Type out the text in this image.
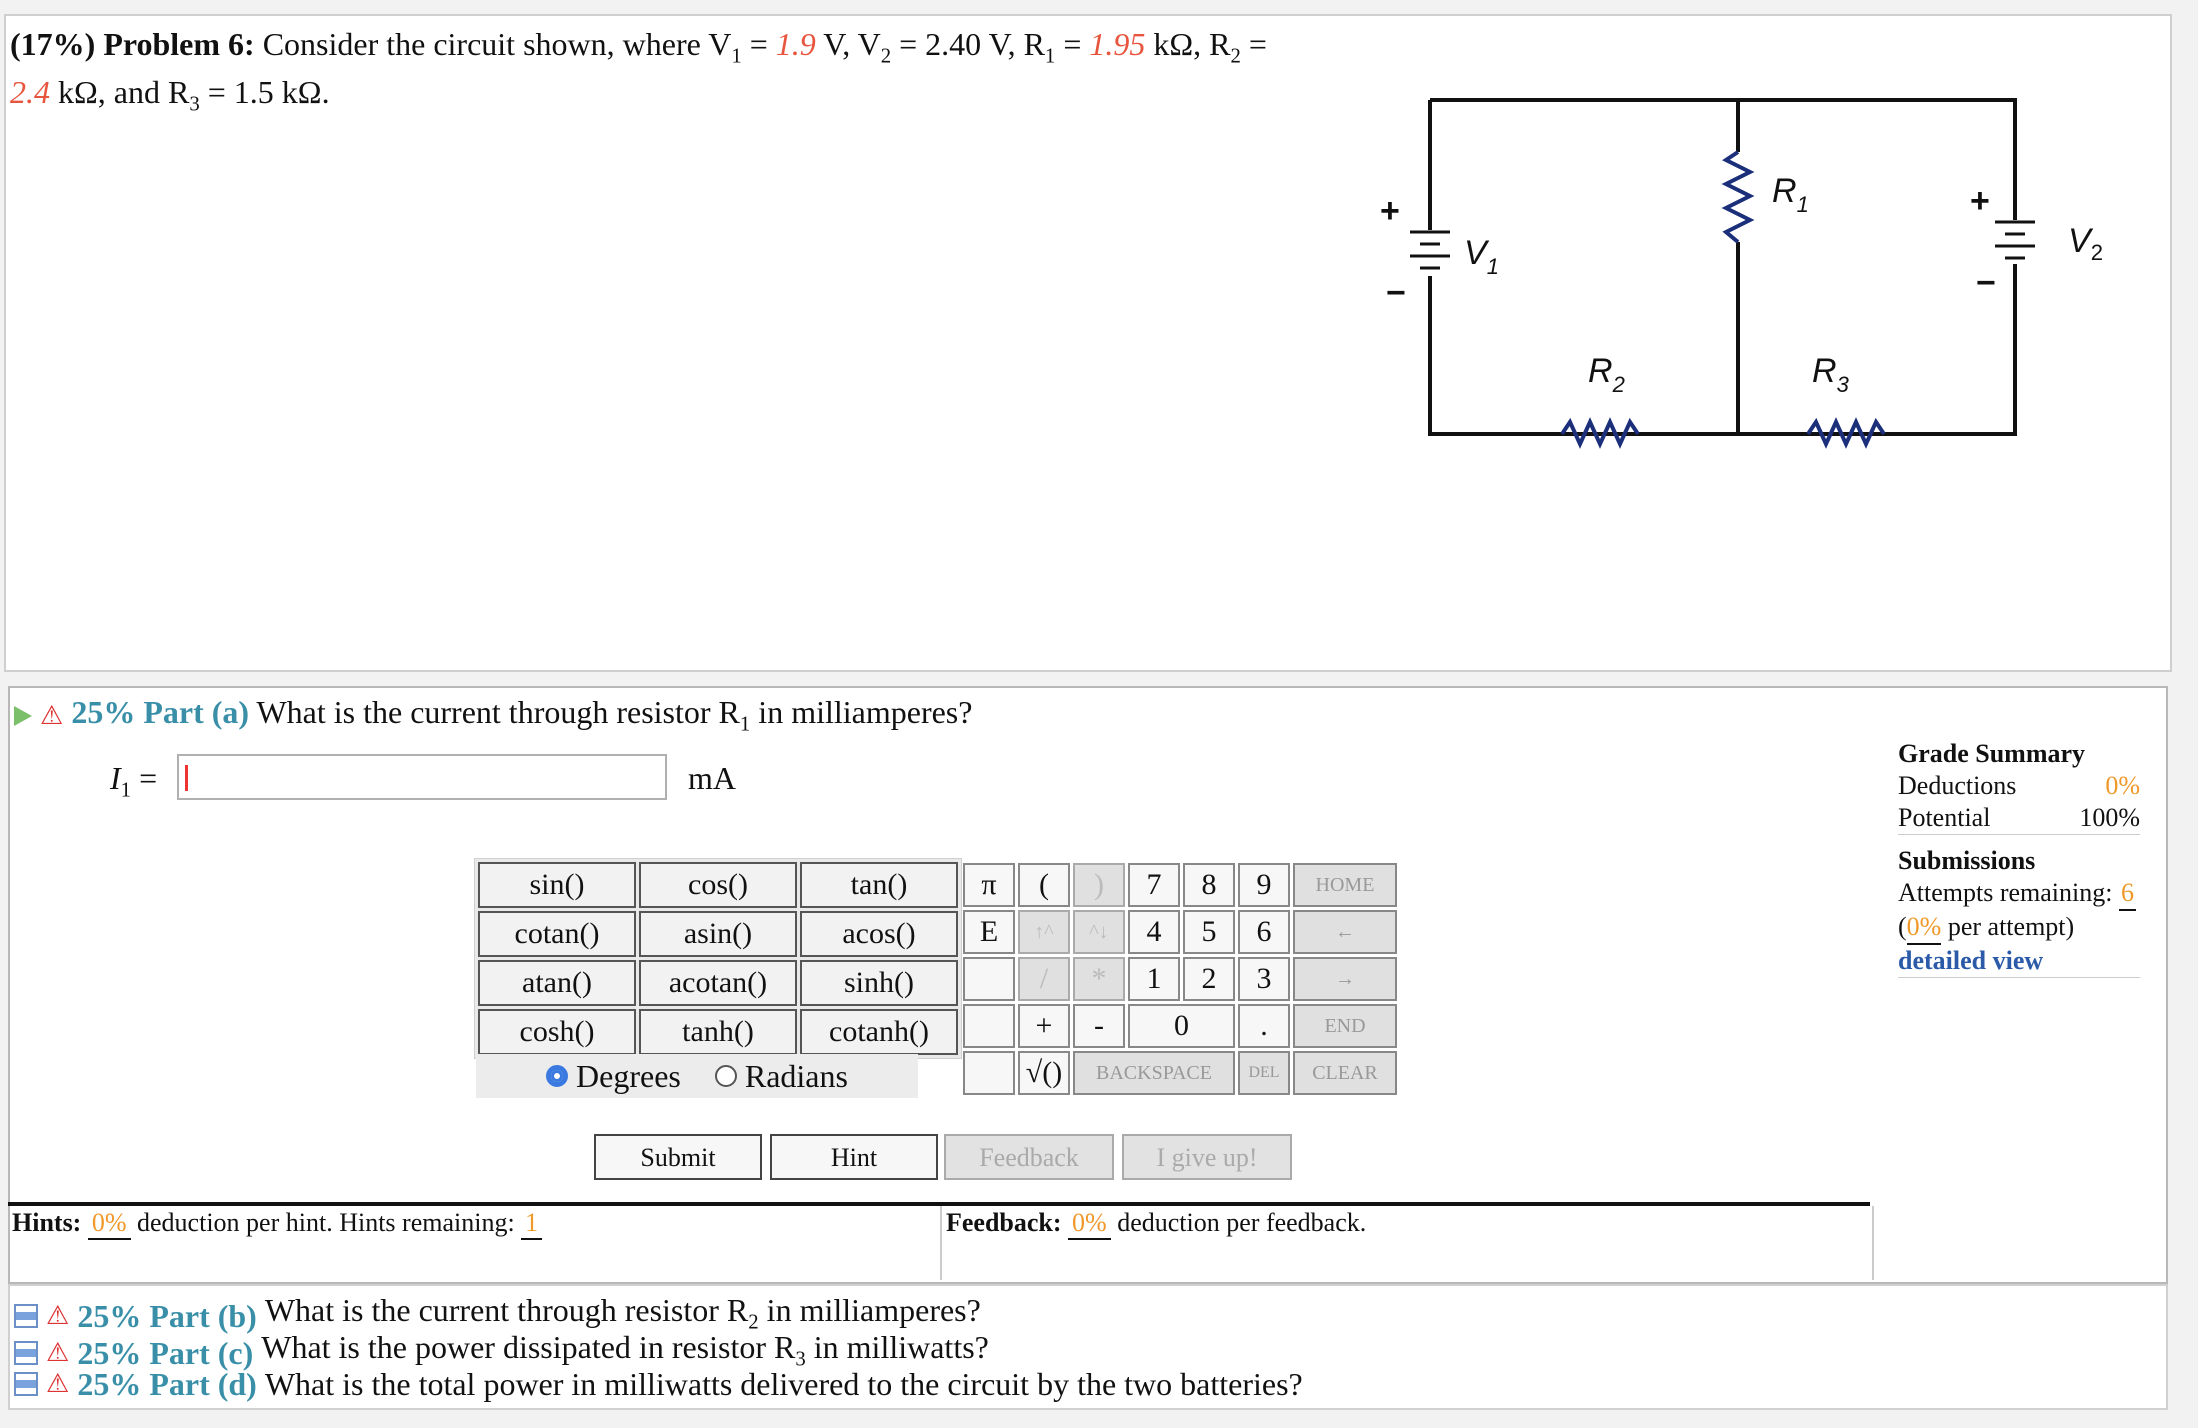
(17%) Problem 6: Consider the circuit shown, where $V_1 = 1.9$ V, $V_2 = 2.40$ V, $R_1 = 1.95$ kΩ, $R_2 = 2.4$ kΩ, and $R_3 = 1.5$ kΩ.
+
−
$V_1$
+
−
$R_1$
$R_2$	$R_3$
$V_2$
⚠ 25% Part (a) What is the current through resistor $R_1$ in milliamperes?
$I_1$ =	mA
Grade Summary
Deductions	0%
Potential	100%
Submissions
Attempts remaining: 6
(0% per attempt)
detailed view
sin()	cos()	tan()
cotan()	asin()	acos()
atan()	acotan()	sinh()
cosh()	tanh()	cotanh()
Degrees Radians
π	(	)	7	8	9	HOME
E	↑^	^↓	4	5	6	←
	/	*	1	2	3	→
	+	-	0		.	END
	√()	BACKSPACE			DEL	CLEAR
Submit	Hint	Feedback	I give up!
Hints: 0% deduction per hint. Hints remaining: 1	Feedback: 0% deduction per feedback.
⚠ 25% Part (b) What is the current through resistor $R_2$ in milliamperes?
⚠ 25% Part (c) What is the power dissipated in resistor $R_3$ in milliwatts?
⚠ 25% Part (d) What is the total power in milliwatts delivered to the circuit by the two batteries?
